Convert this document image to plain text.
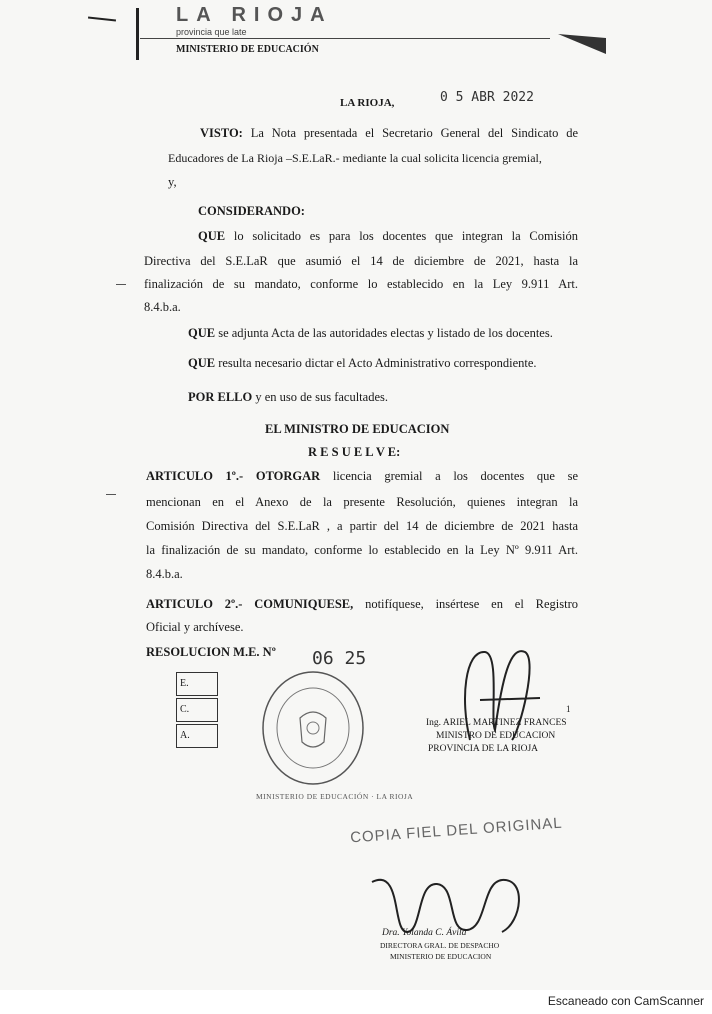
LA RIOJA
provincia que late
MINISTERIO DE EDUCACIÓN
LA RIOJA,	0 5 ABR 2022
VISTO: La Nota presentada el Secretario General del Sindicato de
Educadores de La Rioja –S.E.LaR.- mediante la cual solicita licencia gremial,
y,
CONSIDERANDO:
QUE lo solicitado es para los docentes que integran la Comisión
Directiva del S.E.LaR que asumió el 14 de diciembre de 2021, hasta la
finalización de su mandato, conforme lo establecido en la Ley 9.911 Art.
8.4.b.a.
QUE se adjunta Acta de las autoridades electas y listado de los docentes.
QUE resulta necesario dictar el Acto Administrativo correspondiente.
POR ELLO y en uso de sus facultades.
EL MINISTRO DE EDUCACION
R E S U E L V E:
ARTICULO 1º.- OTORGAR licencia gremial a los docentes que se
mencionan en el Anexo de la presente Resolución, quienes integran la
Comisión Directiva del S.E.LaR , a partir del 14 de diciembre de 2021 hasta
la finalización de su mandato, conforme lo establecido en la Ley Nº 9.911 Art.
8.4.b.a.
ARTICULO 2º.- COMUNIQUESE, notifíquese, insértese en el Registro
Oficial y archívese.
RESOLUCION M.E. Nº 06 25
E.
C.
A.
MINISTERIO DE EDUCACIÓN · LA RIOJA
1
Ing. ARIEL MARTINEZ FRANCES
MINISTRO DE EDUCACION
PROVINCIA DE LA RIOJA
COPIA FIEL DEL ORIGINAL
Dra. Yolanda C. Ávila
DIRECTORA GRAL. DE DESPACHO
MINISTERIO DE EDUCACION
Escaneado con CamScanner
